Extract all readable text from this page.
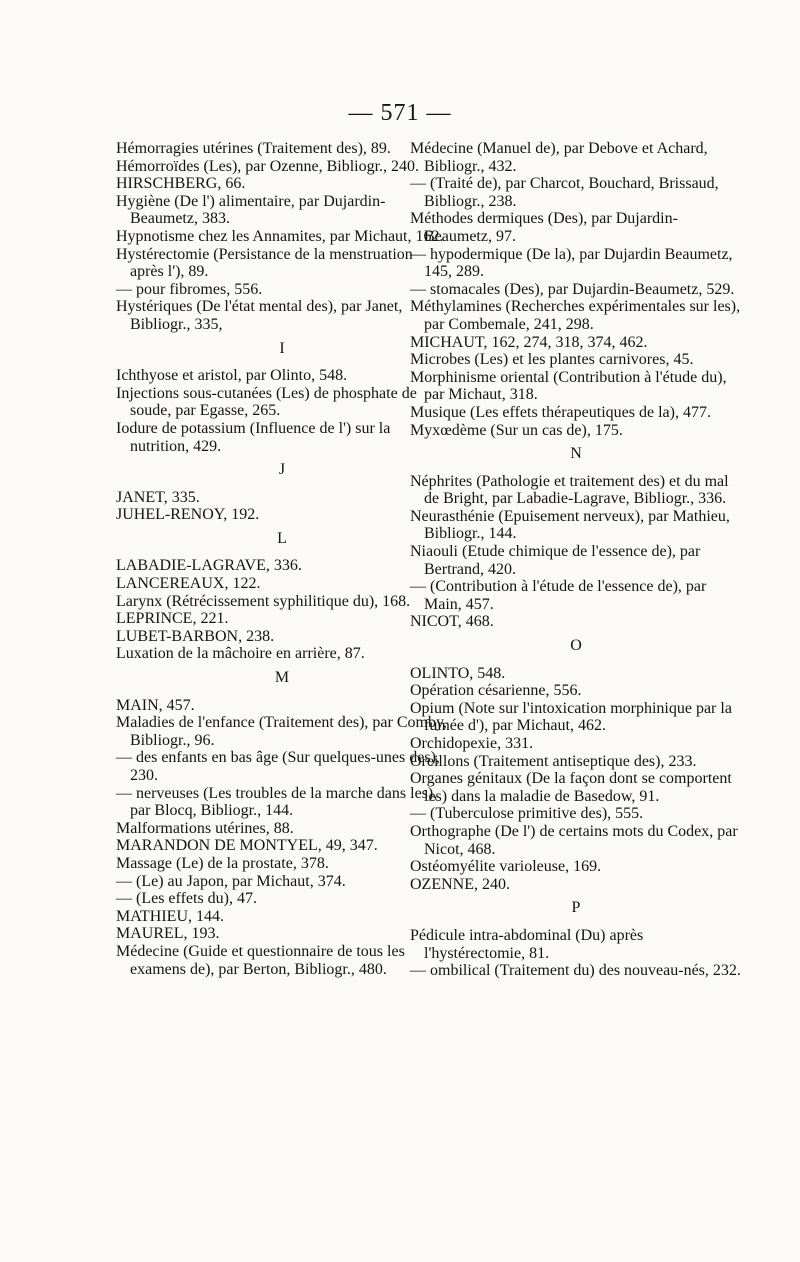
— 571 —
Hémorragies utérines (Traitement des), 89.
Hémorroïdes (Les), par Ozenne, Bibliogr., 240.
HIRSCHBERG, 66.
Hygiène (De l') alimentaire, par Dujardin-Beaumetz, 383.
Hypnotisme chez les Annamites, par Michaut, 162.
Hystérectomie (Persistance de la menstruation après l'), 89.
— pour fibromes, 556.
Hystériques (De l'état mental des), par Janet, Bibliogr., 335,
I
Ichthyose et aristol, par Olinto, 548.
Injections sous-cutanées (Les) de phosphate de soude, par Egasse, 265.
Iodure de potassium (Influence de l') sur la nutrition, 429.
J
JANET, 335.
JUHEL-RENOY, 192.
L
LABADIE-LAGRAVE, 336.
LANCEREAUX, 122.
Larynx (Rétrécissement syphilitique du), 168.
LEPRINCE, 221.
LUBET-BARBON, 238.
Luxation de la mâchoire en arrière, 87.
M
MAIN, 457.
Maladies de l'enfance (Traitement des), par Comby, Bibliogr., 96.
— des enfants en bas âge (Sur quelques-unes des), 230.
— nerveuses (Les troubles de la marche dans les), par Blocq, Bibliogr., 144.
Malformations utérines, 88.
MARANDON DE MONTYEL, 49, 347.
Massage (Le) de la prostate, 378.
— (Le) au Japon, par Michaut, 374.
— (Les effets du), 47.
MATHIEU, 144.
MAUREL, 193.
Médecine (Guide et questionnaire de tous les examens de), par Berton, Bibliogr., 480.
Médecine (Manuel de), par Debove et Achard, Bibliogr., 432.
— (Traité de), par Charcot, Bouchard, Brissaud, Bibliogr., 238.
Méthodes dermiques (Des), par Dujardin-Beaumetz, 97.
— hypodermique (De la), par Dujardin Beaumetz, 145, 289.
— stomacales (Des), par Dujardin-Beaumetz, 529.
Méthylamines (Recherches expérimentales sur les), par Combemale, 241, 298.
MICHAUT, 162, 274, 318, 374, 462.
Microbes (Les) et les plantes carnivores, 45.
Morphinisme oriental (Contribution à l'étude du), par Michaut, 318.
Musique (Les effets thérapeutiques de la), 477.
Myxœdème (Sur un cas de), 175.
N
Néphrites (Pathologie et traitement des) et du mal de Bright, par Labadie-Lagrave, Bibliogr., 336.
Neurasthénie (Epuisement nerveux), par Mathieu, Bibliogr., 144.
Niaouli (Etude chimique de l'essence de), par Bertrand, 420.
— (Contribution à l'étude de l'essence de), par Main, 457.
NICOT, 468.
O
OLINTO, 548.
Opération césarienne, 556.
Opium (Note sur l'intoxication morphinique par la fumée d'), par Michaut, 462.
Orchidopexie, 331.
Oreillons (Traitement antiseptique des), 233.
Organes génitaux (De la façon dont se comportent les) dans la maladie de Basedow, 91.
— (Tuberculose primitive des), 555.
Orthographe (De l') de certains mots du Codex, par Nicot, 468.
Ostéomyélite varioleuse, 169.
OZENNE, 240.
P
Pédicule intra-abdominal (Du) après l'hystérectomie, 81.
— ombilical (Traitement du) des nouveau-nés, 232.
